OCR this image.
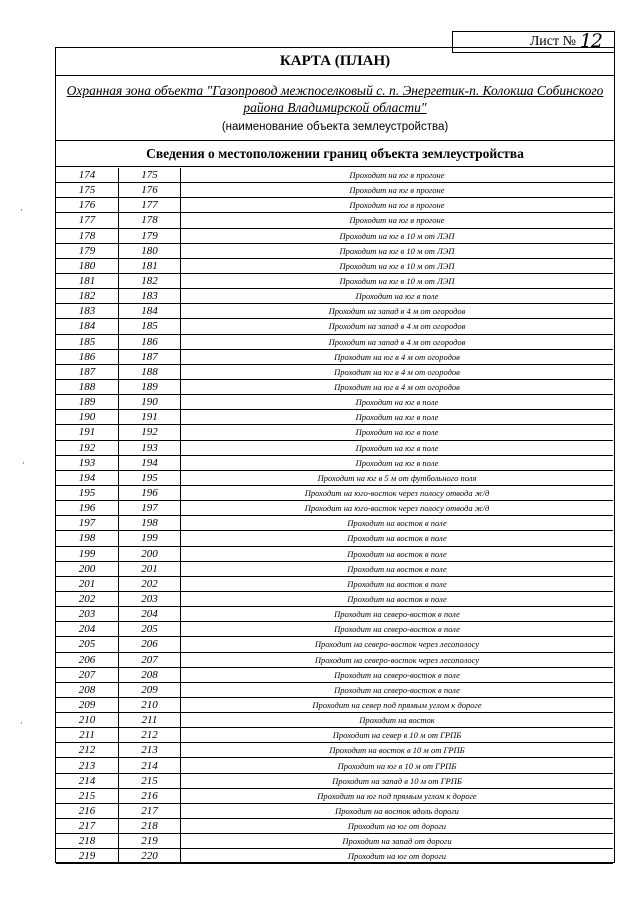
Лист № 12
КАРТА (ПЛАН)
Охранная зона объекта "Газопровод межпоселковый с. п. Энергетик-п. Колокша Собинского района Владимирской области"
(наименование объекта землеустройства)
Сведения о местоположении границ объекта землеустройства
174	175	Проходит на юг в прогоне
175	176	Проходит на юг в прогоне
176	177	Проходит на юг в прогоне
177	178	Проходит на юг в прогоне
178	179	Проходит на юг в 10 м от ЛЭП
179	180	Проходит на юг в 10 м от ЛЭП
180	181	Проходит на юг в 10 м от ЛЭП
181	182	Проходит на юг в 10 м от ЛЭП
182	183	Проходит на юг в поле
183	184	Проходит на запад в 4 м от огородов
184	185	Проходит на запад в 4 м от огородов
185	186	Проходит на запад в 4 м от огородов
186	187	Проходит на юг в 4 м от огородов
187	188	Проходит на юг в 4 м от огородов
188	189	Проходит на юг в 4 м от огородов
189	190	Проходит на юг в поле
190	191	Проходит на юг в поле
191	192	Проходит на юг в поле
192	193	Проходит на юг в поле
193	194	Проходит на юг в поле
194	195	Проходит на юг в 5 м от футбольного поля
195	196	Проходит на юго-восток через полосу отвода ж/д
196	197	Проходит на юго-восток через полосу отвода ж/д
197	198	Проходит на восток в поле
198	199	Проходит на восток в поле
199	200	Проходит на восток в поле
200	201	Проходит на восток в поле
201	202	Проходит на восток в поле
202	203	Проходит на восток в поле
203	204	Проходит на северо-восток в поле
204	205	Проходит на северо-восток в поле
205	206	Проходит на северо-восток через лесополосу
206	207	Проходит на северо-восток через лесополосу
207	208	Проходит на северо-восток в поле
208	209	Проходит на северо-восток в поле
209	210	Проходит на север под прямым углом к дороге
210	211	Проходит на восток
211	212	Проходит на север в 10 м от ГРПБ
212	213	Проходит на восток в 10 м от ГРПБ
213	214	Проходит на юг в 10 м от ГРПБ
214	215	Проходит на запад в 10 м от ГРПБ
215	216	Проходит на юг под прямым углом к дороге
216	217	Проходит на восток вдоль дороги
217	218	Проходит на юг от дороги
218	219	Проходит на запад от дороги
219	220	Проходит на юг от дороги
·
·
·
